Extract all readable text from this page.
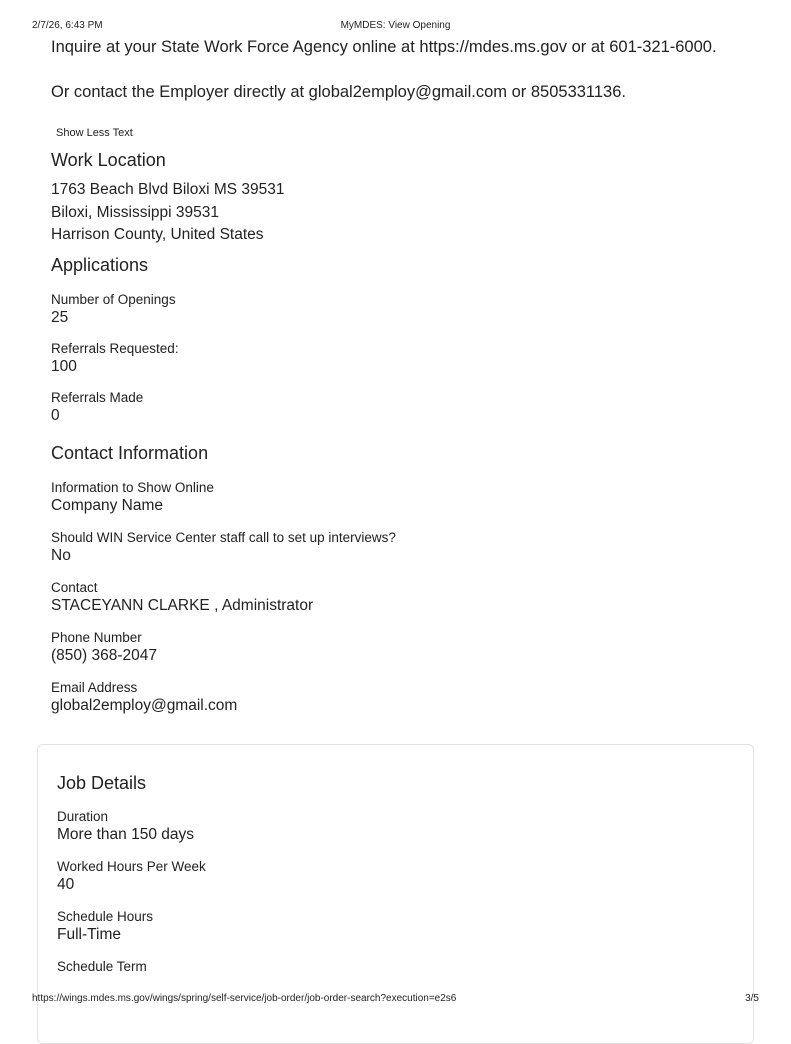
2/7/26, 6:43 PM	MyMDES: View Opening

Inquire at your State Work Force Agency online at https://mdes.ms.gov or at 601-321-6000.

Or contact the Employer directly at global2employ@gmail.com or 8505331136.

Show Less Text
Work Location
1763 Beach Blvd Biloxi MS 39531
Biloxi, Mississippi 39531
Harrison County, United States
Applications

Number of Openings

25

Referrals Requested:

100

Referrals Made

0

Contact Information

Information to Show Online

Company Name

Should WIN Service Center staff call to set up interviews?

No

Contact

STACEYANN CLARKE , Administrator

Phone Number

(850) 368-2047

Email Address

global2employ@gmail.com

Job Details

Duration

More than 150 days

Worked Hours Per Week

40

Schedule Hours

Full-Time

Schedule Term

https://wings.mdes.ms.gov/wings/spring/self-service/job-order/job-order-search?execution=e2s6	3/5
